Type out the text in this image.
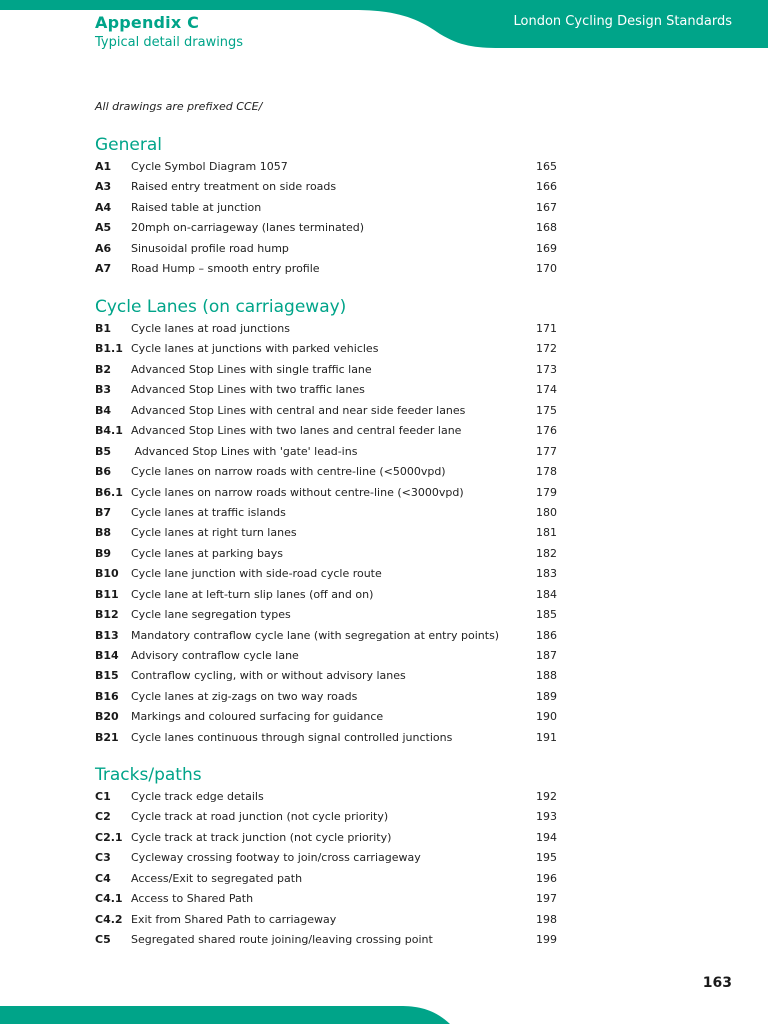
Appendix C
Typical detail drawings
London Cycling Design Standards
All drawings are prefixed CCE/
General
A1	Cycle Symbol Diagram 1057	165
A3	Raised entry treatment on side roads	166
A4	Raised table at junction	167
A5	20mph on-carriageway (lanes terminated)	168
A6	Sinusoidal profile road hump	169
A7	Road Hump – smooth entry profile	170
Cycle Lanes (on carriageway)
B1	Cycle lanes at road junctions	171
B1.1 Cycle lanes at junctions with parked vehicles	172
B2	Advanced Stop Lines with single traffic lane	173
B3	Advanced Stop Lines with two traffic lanes	174
B4	Advanced Stop Lines with central and near side feeder lanes	175
B4.1 Advanced Stop Lines with two lanes and central feeder lane	176
B5	Advanced Stop Lines with 'gate' lead-ins	177
B6	Cycle lanes on narrow roads with centre-line (<5000vpd)	178
B6.1 Cycle lanes on narrow roads without centre-line (<3000vpd)	179
B7	Cycle lanes at traffic islands	180
B8	Cycle lanes at right turn lanes	181
B9	Cycle lanes at parking bays	182
B10	Cycle lane junction with side-road cycle route	183
B11	Cycle lane at left-turn slip lanes (off and on)	184
B12	Cycle lane segregation types	185
B13	Mandatory contraflow cycle lane (with segregation at entry points)	186
B14	Advisory contraflow cycle lane	187
B15	Contraflow cycling, with or without advisory lanes	188
B16	Cycle lanes at zig-zags on two way roads	189
B20	Markings and coloured surfacing for guidance	190
B21	Cycle lanes continuous through signal controlled junctions	191
Tracks/paths
C1	Cycle track edge details	192
C2	Cycle track at road junction (not cycle priority)	193
C2.1 Cycle track at track junction (not cycle priority)	194
C3	Cycleway crossing footway to join/cross carriageway	195
C4	Access/Exit to segregated path	196
C4.1 Access to Shared Path	197
C4.2 Exit from Shared Path to carriageway	198
C5	Segregated shared route joining/leaving crossing point	199
163
